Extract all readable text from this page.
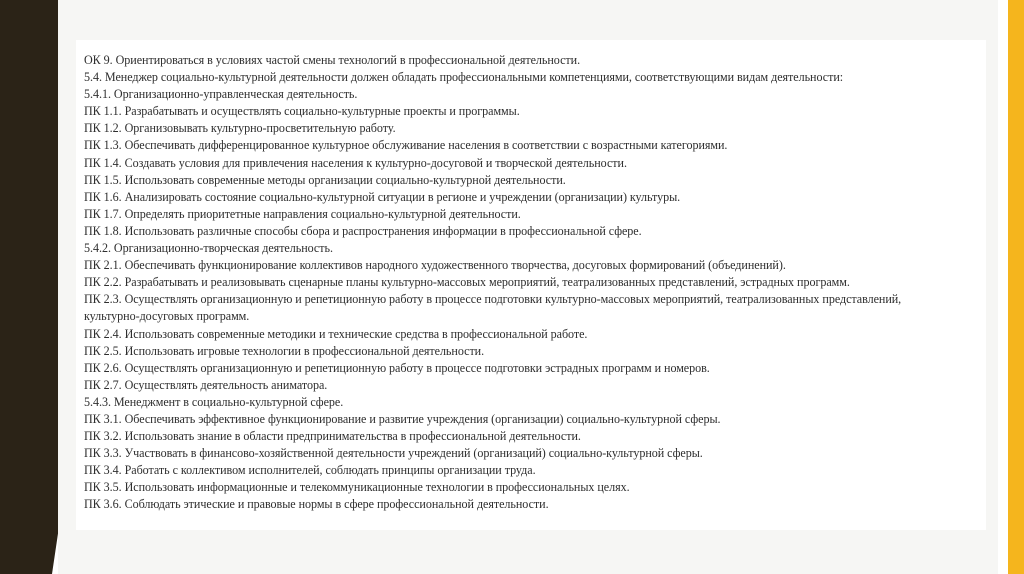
ОК 9. Ориентироваться в условиях частой смены технологий в профессиональной деятельности.
5.4. Менеджер социально-культурной деятельности должен обладать профессиональными компетенциями, соответствующими видам деятельности:
5.4.1. Организационно-управленческая деятельность.
ПК 1.1. Разрабатывать и осуществлять социально-культурные проекты и программы.
ПК 1.2. Организовывать культурно-просветительную работу.
ПК 1.3. Обеспечивать дифференцированное культурное обслуживание населения в соответствии с возрастными категориями.
ПК 1.4. Создавать условия для привлечения населения к культурно-досуговой и творческой деятельности.
ПК 1.5. Использовать современные методы организации социально-культурной деятельности.
ПК 1.6. Анализировать состояние социально-культурной ситуации в регионе и учреждении (организации) культуры.
ПК 1.7. Определять приоритетные направления социально-культурной деятельности.
ПК 1.8. Использовать различные способы сбора и распространения информации в профессиональной сфере.
5.4.2. Организационно-творческая деятельность.
ПК 2.1. Обеспечивать функционирование коллективов народного художественного творчества, досуговых формирований (объединений).
ПК 2.2. Разрабатывать и реализовывать сценарные планы культурно-массовых мероприятий, театрализованных представлений, эстрадных программ.
ПК 2.3. Осуществлять организационную и репетиционную работу в процессе подготовки культурно-массовых мероприятий, театрализованных представлений,
культурно-досуговых программ.
ПК 2.4. Использовать современные методики и технические средства в профессиональной работе.
ПК 2.5. Использовать игровые технологии в профессиональной деятельности.
ПК 2.6. Осуществлять организационную и репетиционную работу в процессе подготовки эстрадных программ и номеров.
ПК 2.7. Осуществлять деятельность аниматора.
5.4.3. Менеджмент в социально-культурной сфере.
ПК 3.1. Обеспечивать эффективное функционирование и развитие учреждения (организации) социально-культурной сферы.
ПК 3.2. Использовать знание в области предпринимательства в профессиональной деятельности.
ПК 3.3. Участвовать в финансово-хозяйственной деятельности учреждений (организаций) социально-культурной сферы.
ПК 3.4. Работать с коллективом исполнителей, соблюдать принципы организации труда.
ПК 3.5. Использовать информационные и телекоммуникационные технологии в профессиональных целях.
ПК 3.6. Соблюдать этические и правовые нормы в сфере профессиональной деятельности.
